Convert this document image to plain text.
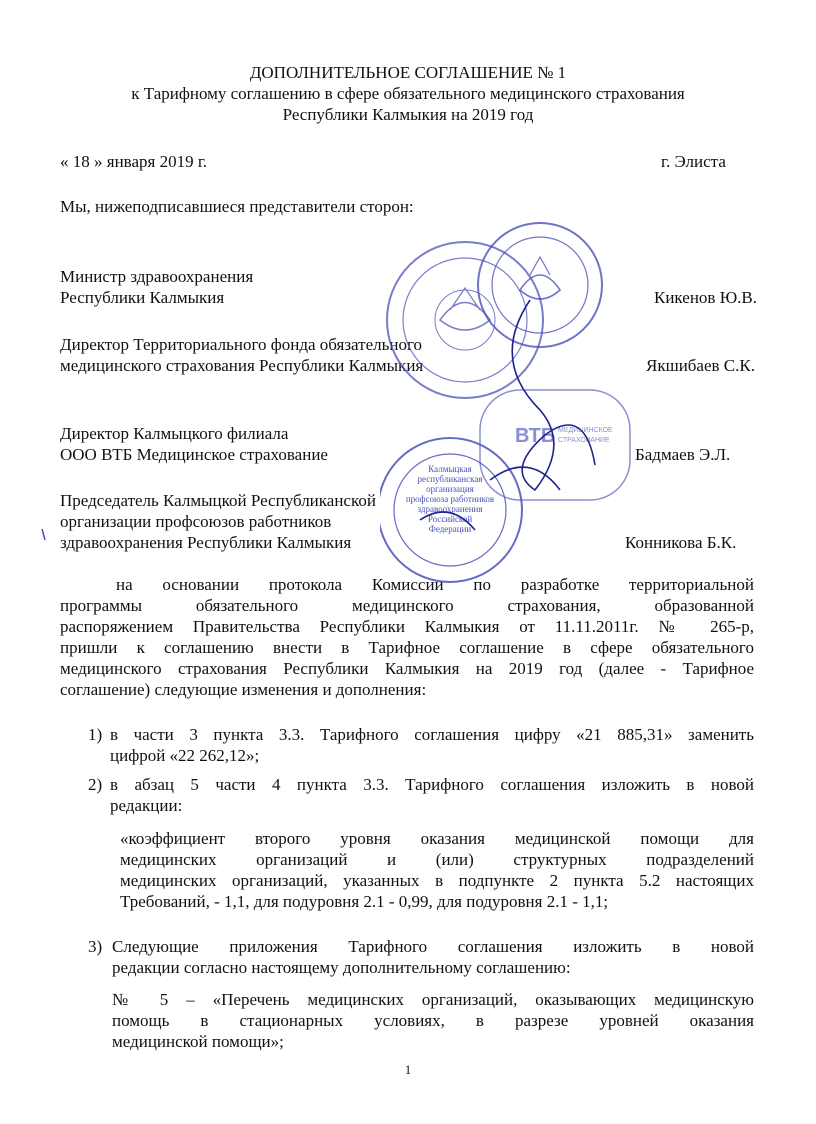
ДОПОЛНИТЕЛЬНОЕ СОГЛАШЕНИЕ № 1
к Тарифному соглашению в сфере обязательного медицинского страхования
Республики Калмыкия на 2019 год
« 18 » января 2019 г.	г. Элиста
Мы, нижеподписавшиеся представители сторон:
Министр здравоохранения
Республики Калмыкия	Кикенов Ю.В.
Директор Территориального фонда обязательного
медицинского страхования Республики Калмыкия	Якшибаев С.К.
Директор Калмыцкого филиала
ООО ВТБ Медицинское страхование	Бадмаев Э.Л.
Председатель Калмыцкой Республиканской
организации профсоюзов работников
здравоохранения Республики Калмыкия	Конникова Б.К.
на основании протокола Комиссии по разработке территориальной
программы обязательного медицинского страхования, образованной
распоряжением Правительства Республики Калмыкия от 11.11.2011г. № 265-р,
пришли к соглашению внести в Тарифное соглашение в сфере обязательного
медицинского страхования Республики Калмыкия на 2019 год (далее - Тарифное
соглашение) следующие изменения и дополнения:
1) в части 3 пункта 3.3. Тарифного соглашения цифру «21 885,31» заменить
цифрой «22 262,12»;
2) в абзац 5 части 4 пункта 3.3. Тарифного соглашения изложить в новой
редакции:
«коэффициент второго уровня оказания медицинской помощи для
медицинских организаций и (или) структурных подразделений
медицинских организаций, указанных в подпункте 2 пункта 5.2 настоящих
Требований, - 1,1, для подуровня 2.1 - 0,99, для подуровня 2.1 - 1,1;
3) Следующие приложения Тарифного соглашения изложить в новой
редакции согласно настоящему дополнительному соглашению:
№ 5 – «Перечень медицинских организаций, оказывающих медицинскую
помощь в стационарных условиях, в разрезе уровней оказания
медицинской помощи»;
1
ВТБ МЕДИЦИНСКОЕ
СТРАХОВАНИЕ
Калмыцкая
республиканская
организация
профсоюза работников
здравоохранения
Российской
Федерации
